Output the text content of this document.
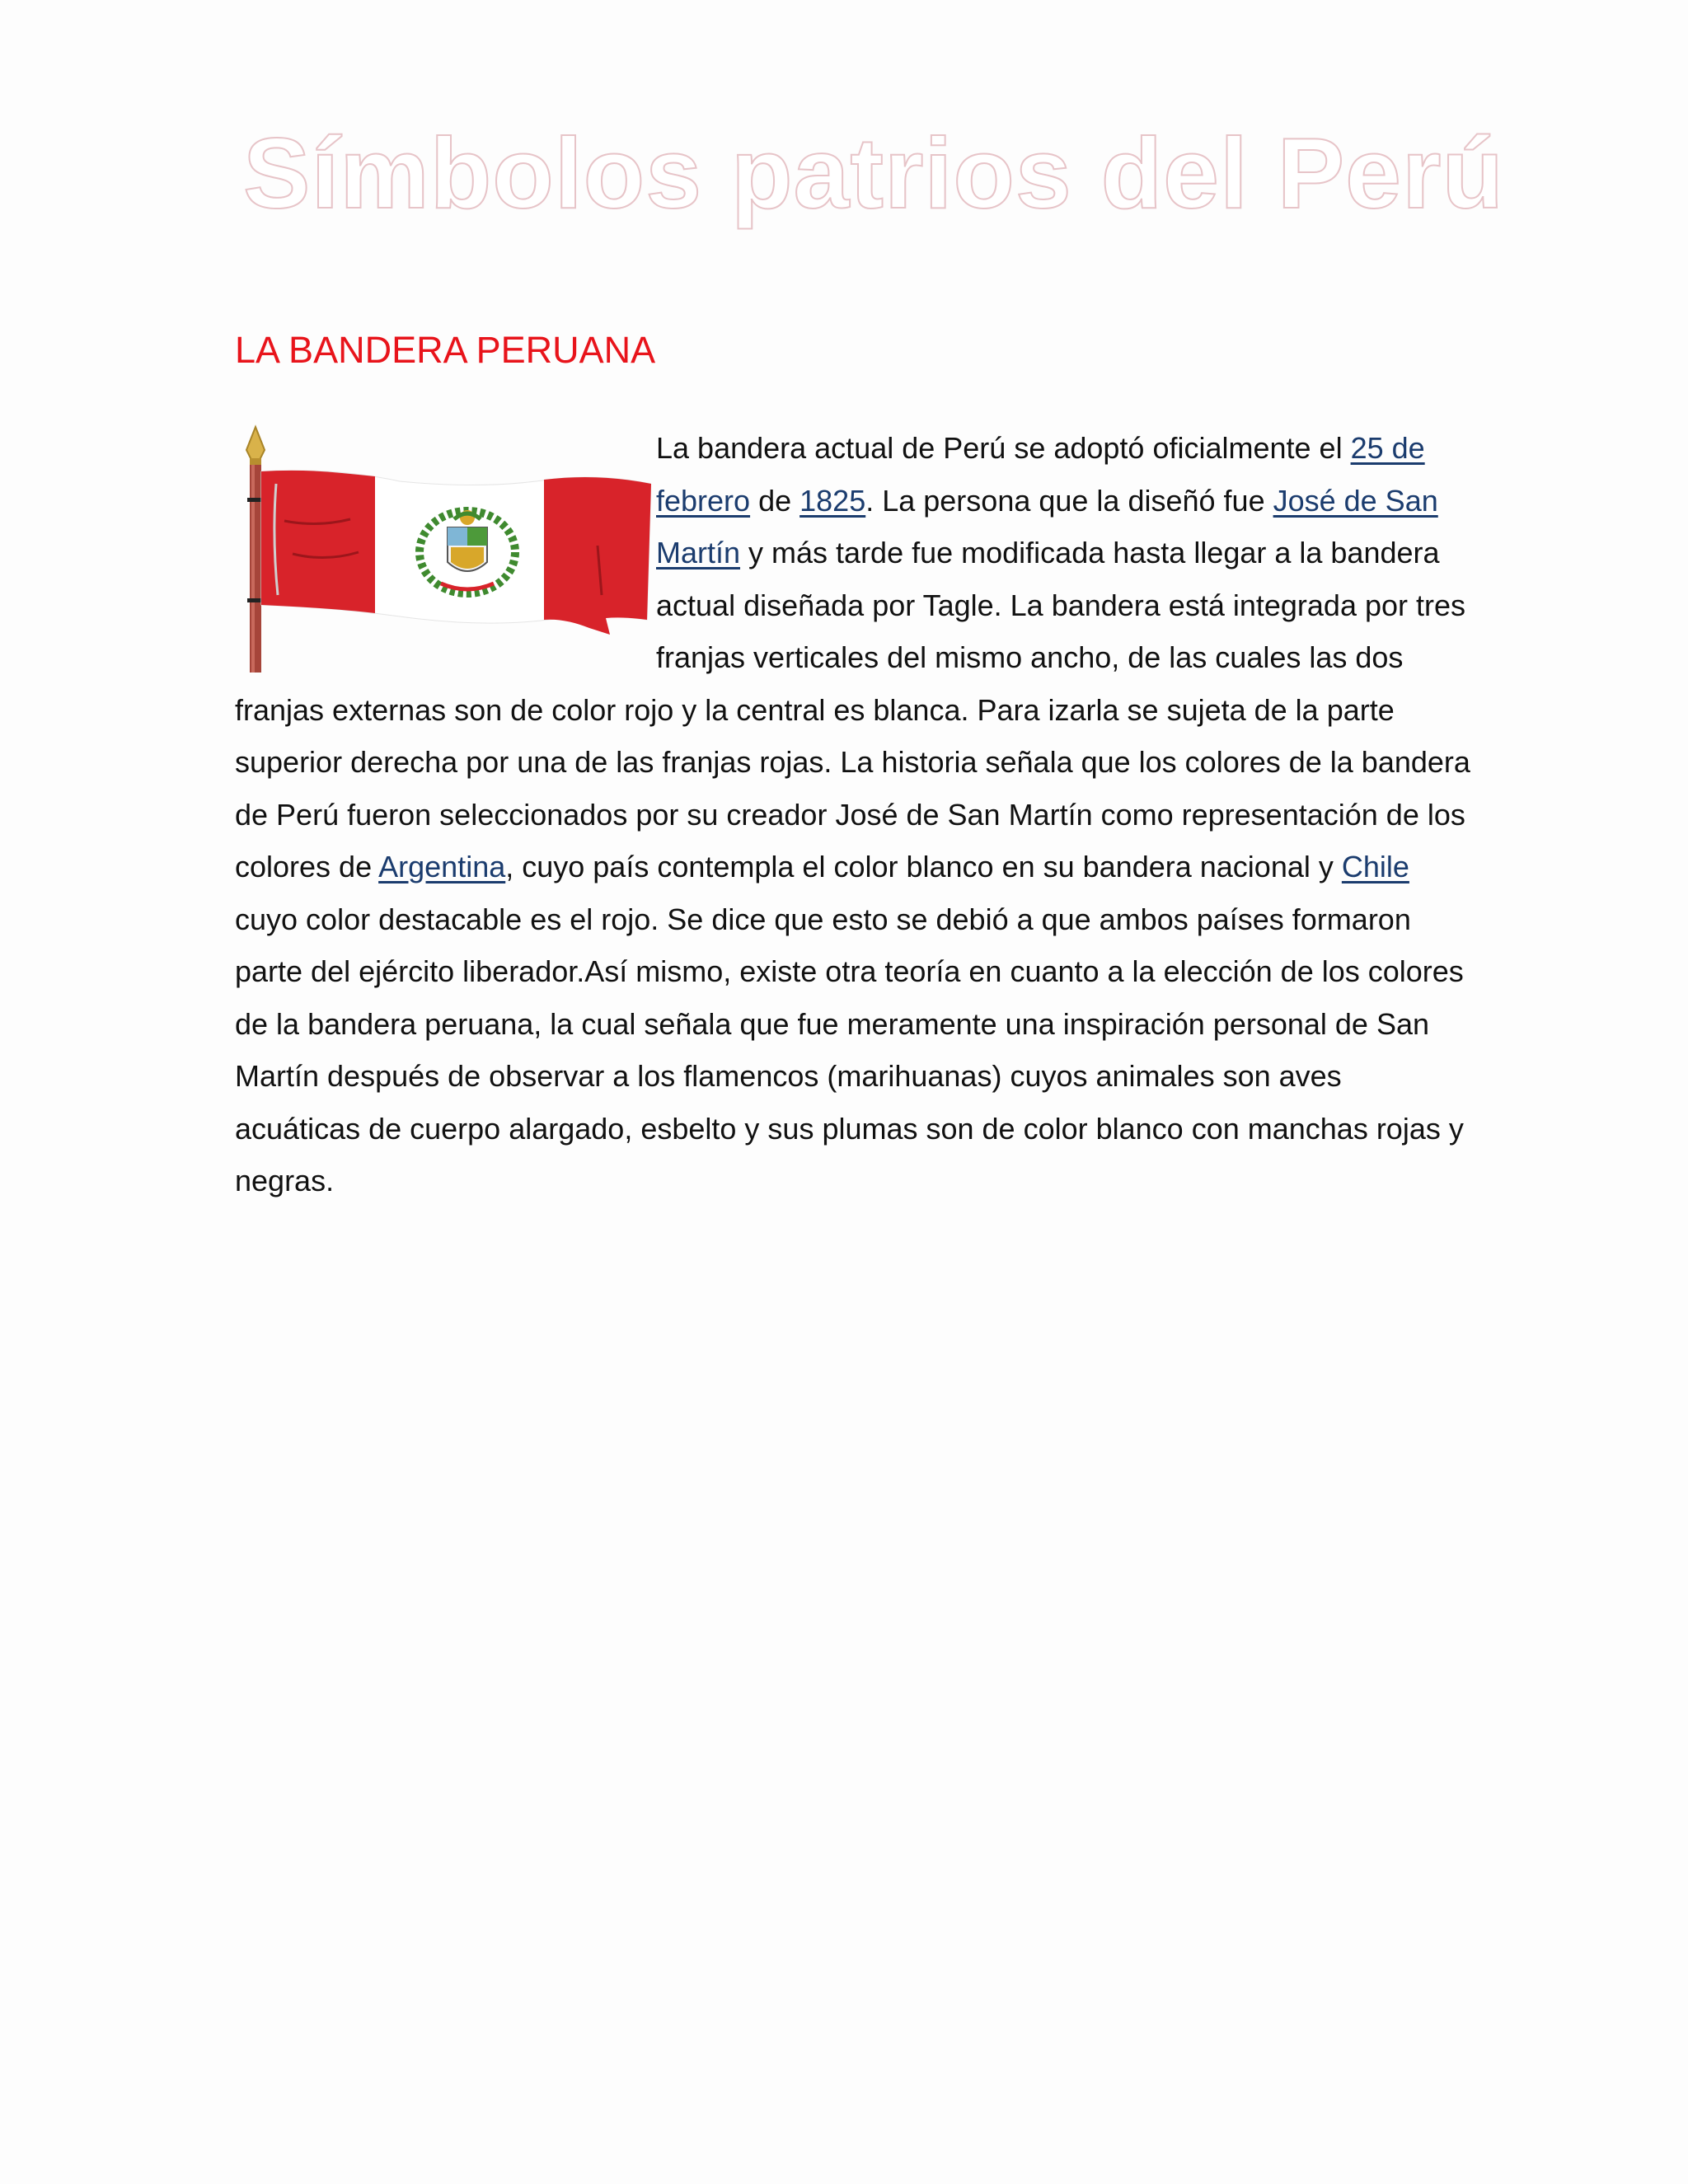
Símbolos patrios del Perú
LA BANDERA PERUANA

La bandera actual de Perú se adoptó oficialmente el 25 de febrero de 1825. La persona que la diseñó fue José de San Martín y más tarde fue modificada hasta llegar a la bandera actual diseñada por Tagle. La bandera está integrada por tres franjas verticales del mismo ancho, de las cuales las dos franjas externas son de color rojo y la central es blanca. Para izarla se sujeta de la parte superior derecha por una de las franjas rojas. La historia señala que los colores de la bandera de Perú fueron seleccionados por su creador José de San Martín como representación de los colores de Argentina, cuyo país contempla el color blanco en su bandera nacional y Chile cuyo color destacable es el rojo. Se dice que esto se debió a que ambos países formaron parte del ejército liberador.Así mismo, existe otra teoría en cuanto a la elección de los colores de la bandera peruana, la cual señala que fue meramente una inspiración personal de San Martín después de observar a los flamencos (marihuanas) cuyos animales son aves acuáticas de cuerpo alargado, esbelto y sus plumas son de color blanco con manchas rojas y negras.
